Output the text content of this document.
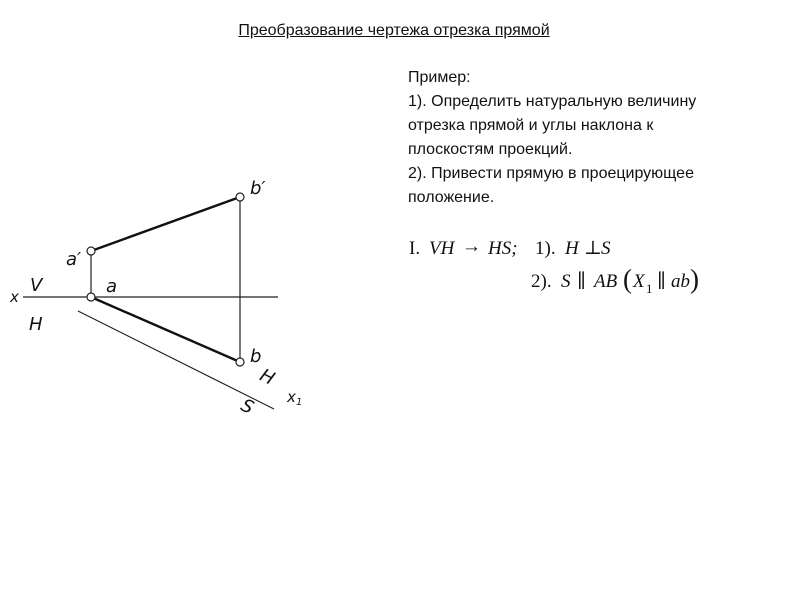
Преобразование чертежа отрезка прямой
Пример:
1). Определить натуральную величину
отрезка прямой и углы наклона к
плоскостям проекций.
2). Привести прямую в проецирующее
положение.
I. VH → HS; 1). H ⊥ S
2). S ∥ AB ( X 1 ∥ ab )
x
V
H
a′
a
b′
b
H
S x 1
